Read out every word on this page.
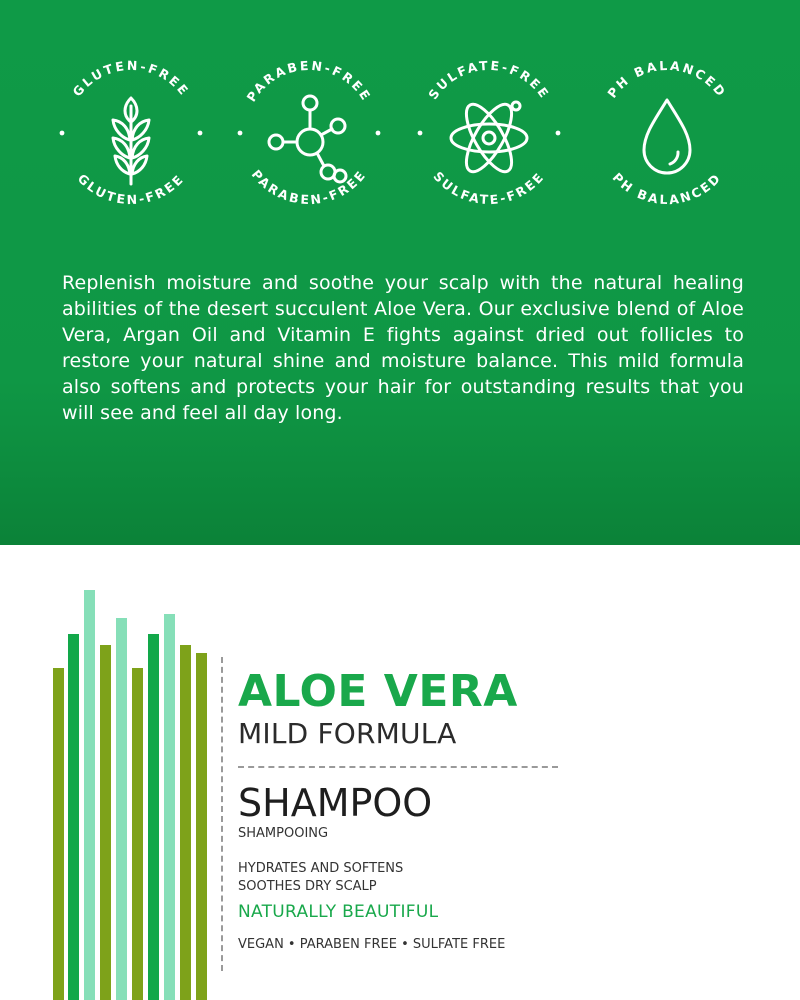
GLUTEN-FREE
GLUTEN-FREE
PARABEN-FREE
PARABEN-FREE
SULFATE-FREE
SULFATE-FREE
PH BALANCED
PH BALANCED

Replenish moisture and soothe your scalp with the natural healing abilities of the desert succulent Aloe Vera. Our exclusive blend of Aloe Vera, Argan Oil and Vitamin E fights against dried out follicles to restore your natural shine and moisture balance. This mild formula also softens and protects your hair for outstanding results that you will see and feel all day long.

ALOE VERA
MILD FORMULA
SHAMPOO
SHAMPOOING
HYDRATES AND SOFTENS
SOOTHES DRY SCALP
NATURALLY BEAUTIFUL
VEGAN • PARABEN FREE • SULFATE FREE
